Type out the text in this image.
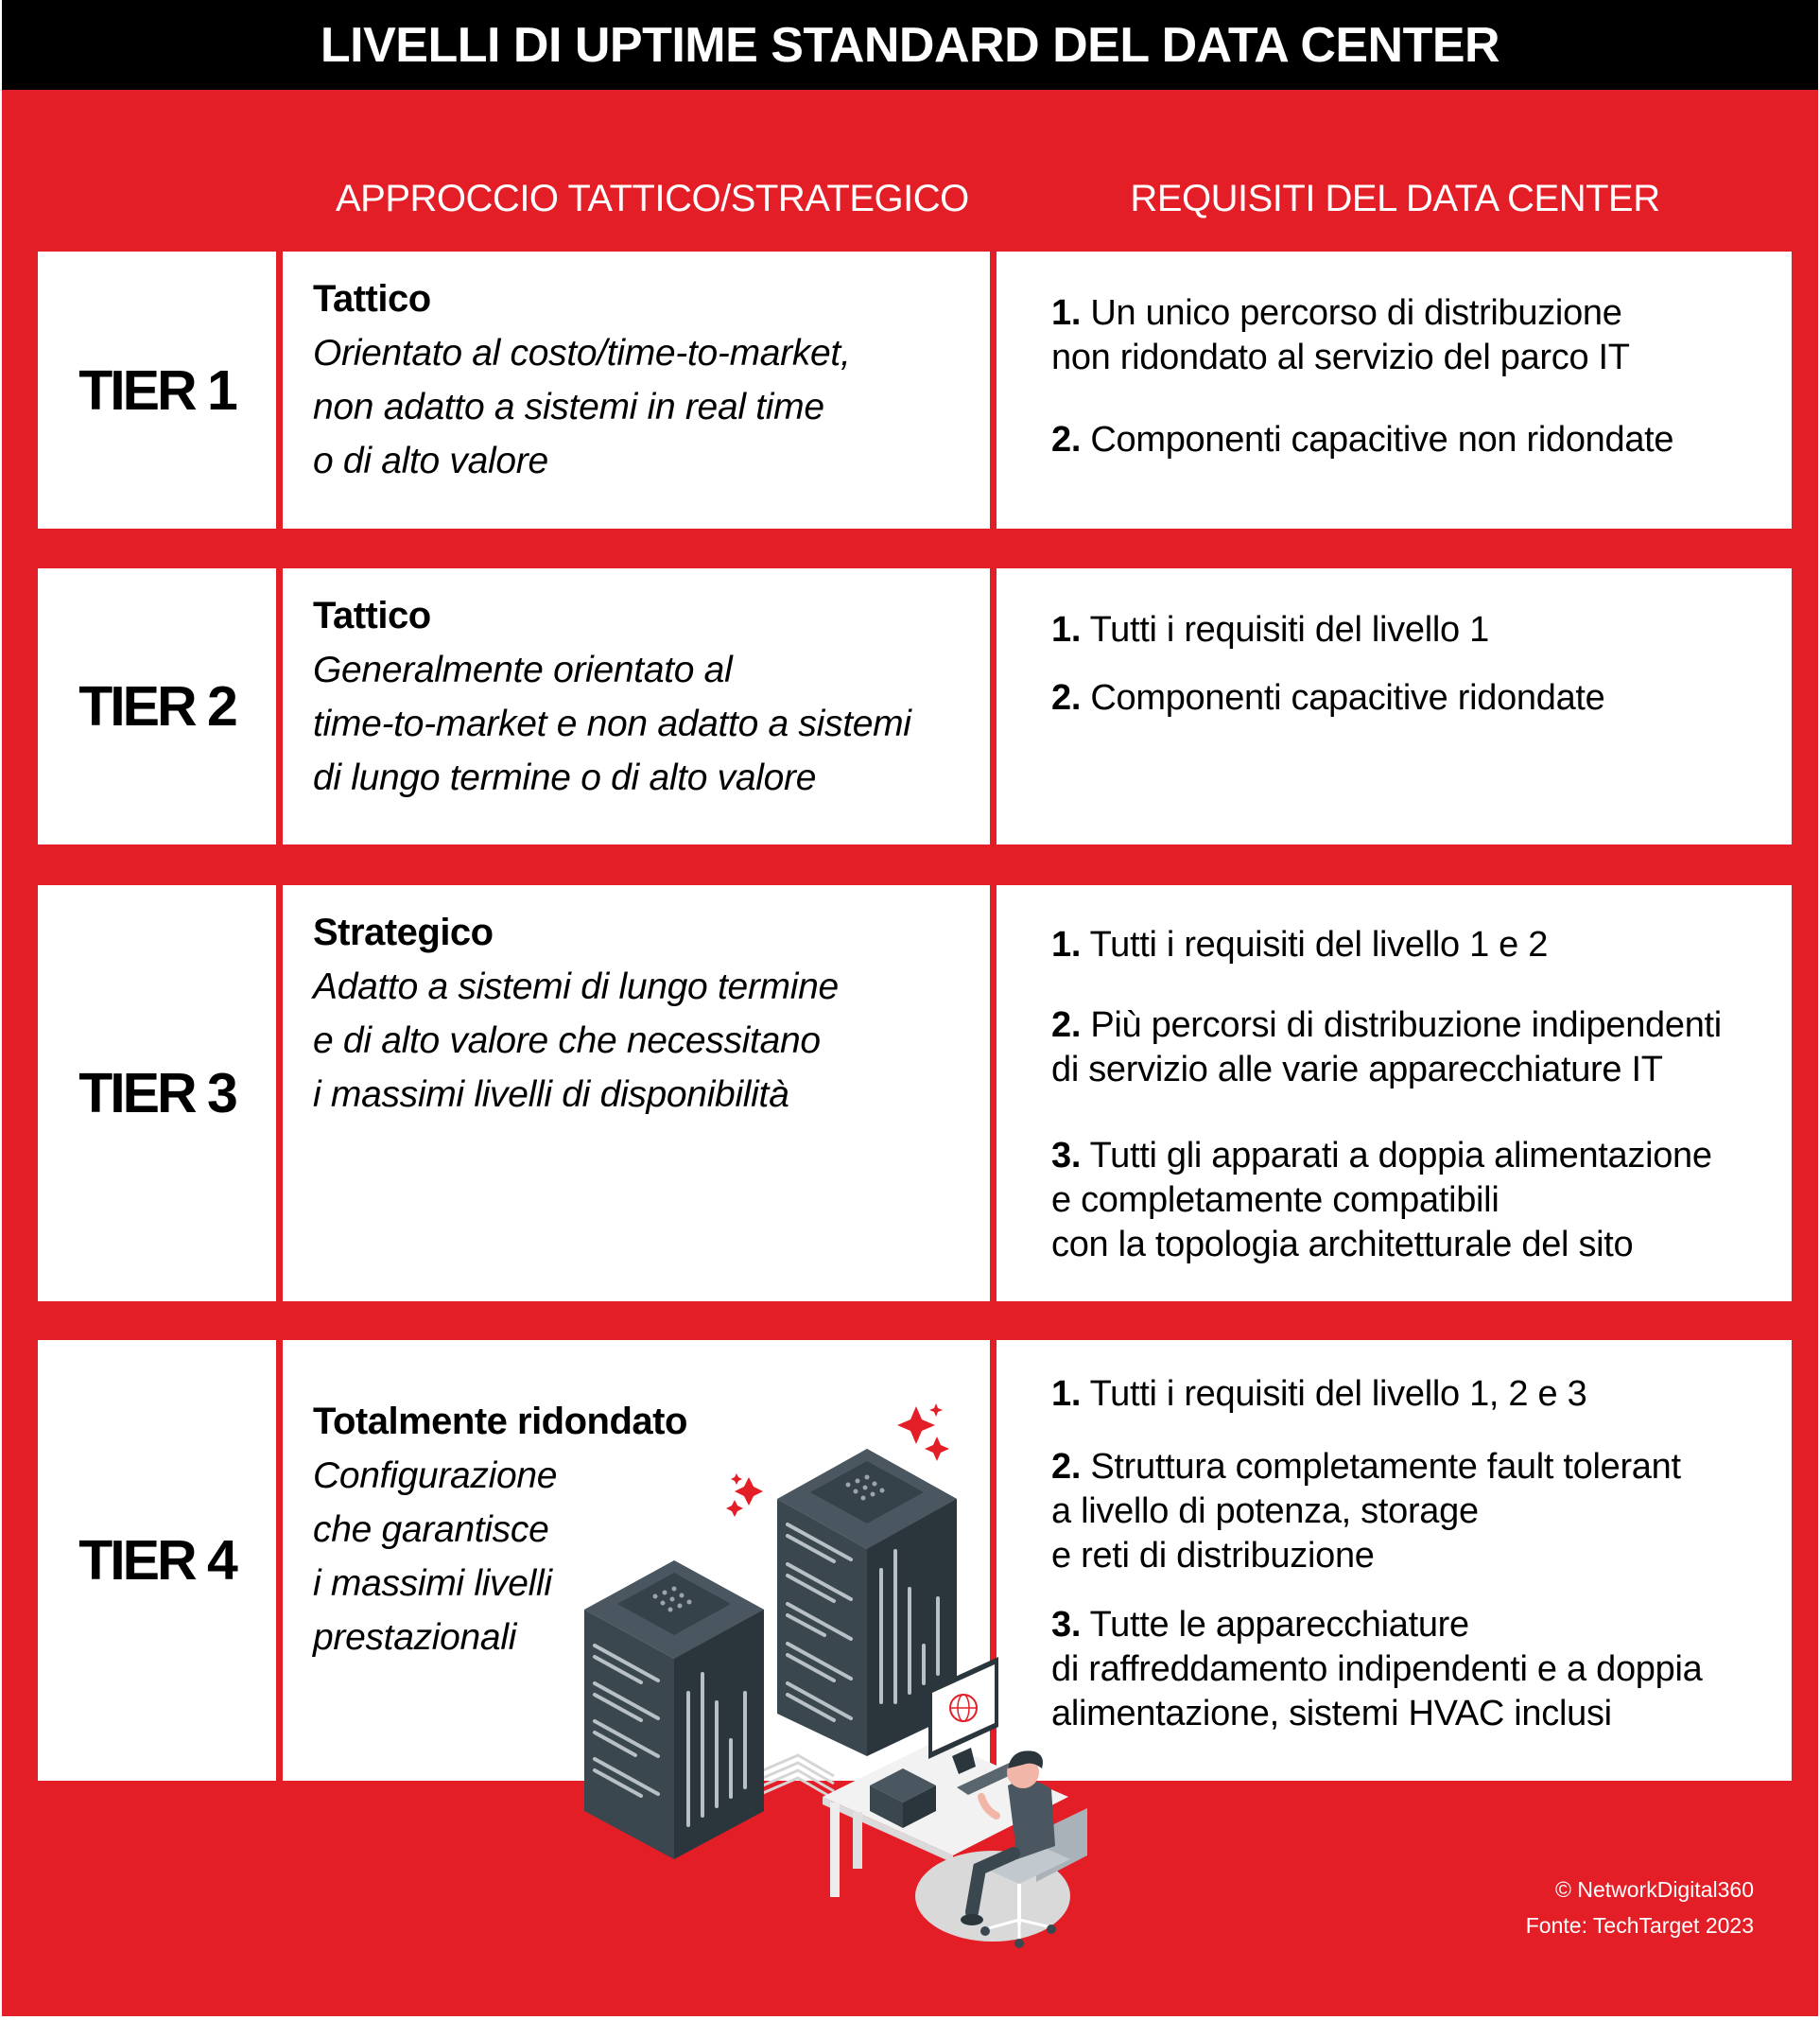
LIVELLI DI UPTIME STANDARD DEL DATA CENTER
APPROCCIO TATTICO/STRATEGICO	REQUISITI DEL DATA CENTER
TIER 1
Tattico
Orientato al costo/time-to-market,
non adatto a sistemi in real time
o di alto valore
1. Un unico percorso di distribuzione
non ridondato al servizio del parco IT
2. Componenti capacitive non ridondate
TIER 2
Tattico
Generalmente orientato al
time-to-market e non adatto a sistemi
di lungo termine o di alto valore
1. Tutti i requisiti del livello 1
2. Componenti capacitive ridondate
TIER 3
Strategico
Adatto a sistemi di lungo termine
e di alto valore che necessitano
i massimi livelli di disponibilità
1. Tutti i requisiti del livello 1 e 2
2. Più percorsi di distribuzione indipendenti
di servizio alle varie apparecchiature IT
3. Tutti gli apparati a doppia alimentazione
e completamente compatibili
con la topologia architetturale del sito
TIER 4
Totalmente ridondato
Configurazione
che garantisce
i massimi livelli
prestazionali
1. Tutti i requisiti del livello 1, 2 e 3
2. Struttura completamente fault tolerant
a livello di potenza, storage
e reti di distribuzione
3. Tutte le apparecchiature
di raffreddamento indipendenti e a doppia
alimentazione, sistemi HVAC inclusi
© NetworkDigital360
Fonte: TechTarget 2023
